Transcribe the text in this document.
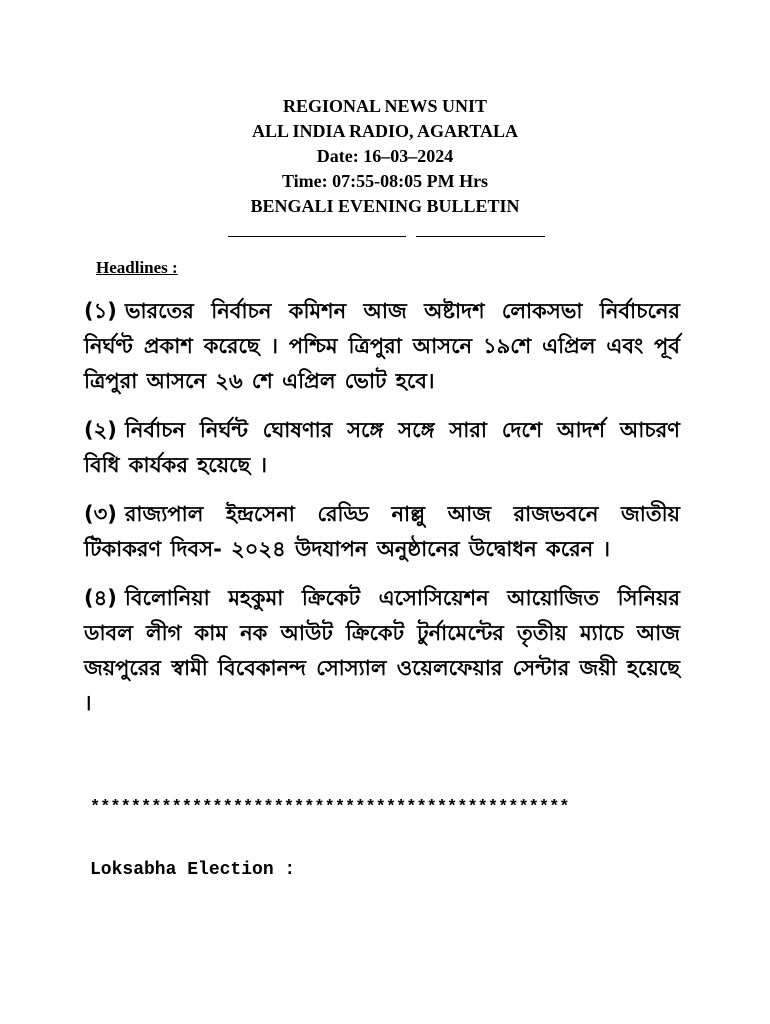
REGIONAL NEWS UNIT
ALL INDIA RADIO, AGARTALA
Date: 16–03–2024
Time: 07:55-08:05 PM Hrs
BENGALI EVENING BULLETIN
Headlines :

(১) ভারতের নির্বাচন কমিশন আজ অষ্টাদশ লোকসভা নির্বাচনের নির্ঘণ্ট প্রকাশ করেছে । পশ্চিম ত্রিপুরা আসনে ১৯শে এপ্রিল এবং পূর্ব ত্রিপুরা আসনে ২৬ শে এপ্রিল ভোট হবে।

(২) নির্বাচন নির্ঘন্ট ঘোষণার সঙ্গে সঙ্গে সারা দেশে আদর্শ আচরণ বিধি কার্যকর হয়েছে ।

(৩) রাজ্যপাল ইন্দ্রসেনা রেড্ডি নাল্লু আজ রাজভবনে জাতীয় টিকাকরণ দিবস- ২০২৪ উদযাপন অনুষ্ঠানের উদ্বোধন করেন ।

(৪) বিলোনিয়া মহকুমা ক্রিকেট এসোসিয়েশন আয়োজিত সিনিয়র ডাবল লীগ কাম নক আউট ক্রিকেট টুর্নামেন্টের তৃতীয় ম্যাচে আজ জয়পুরের স্বামী বিবেকানন্দ সোস্যাল ওয়েলফেয়ার সেন্টার জয়ী হয়েছে ।

***********************************************
Loksabha Election :
